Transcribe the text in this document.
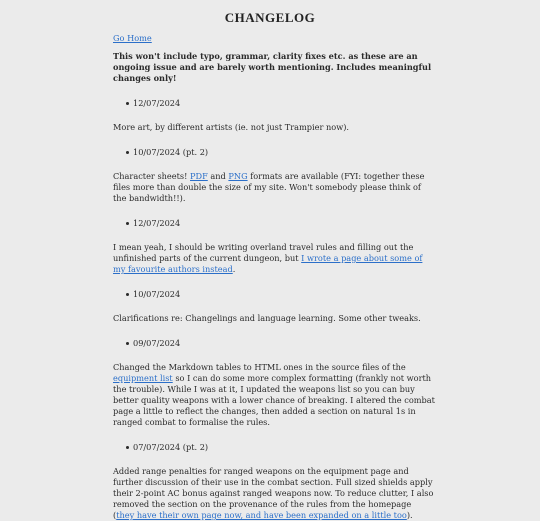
CHANGELOG
Go Home

This won't include typo, grammar, clarity fixes etc. as these are an ongoing issue and are barely worth mentioning. Includes meaningful changes only!

12/07/2024

More art, by different artists (ie. not just Trampier now).

10/07/2024 (pt. 2)

Character sheets! PDF and PNG formats are available (FYI: together these files more than double the size of my site. Won't somebody please think of the bandwidth!!).

12/07/2024

I mean yeah, I should be writing overland travel rules and filling out the unfinished parts of the current dungeon, but I wrote a page about some of my favourite authors instead.

10/07/2024

Clarifications re: Changelings and language learning. Some other tweaks.

09/07/2024

Changed the Markdown tables to HTML ones in the source files of the equipment list so I can do some more complex formatting (frankly not worth the trouble). While I was at it, I updated the weapons list so you can buy better quality weapons with a lower chance of breaking. I altered the combat page a little to reflect the changes, then added a section on natural 1s in ranged combat to formalise the rules.

07/07/2024 (pt. 2)

Added range penalties for ranged weapons on the equipment page and further discussion of their use in the combat section. Full sized shields apply their 2-point AC bonus against ranged weapons now. To reduce clutter, I also removed the section on the provenance of the rules from the homepage (they have their own page now, and have been expanded on a little too).
